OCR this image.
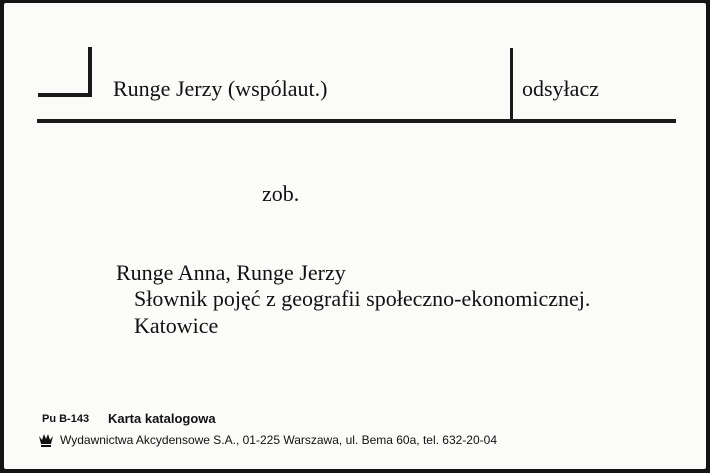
Runge Jerzy (wspólaut.)	odsyłacz
zob.
Runge Anna, Runge Jerzy
Słownik pojęć z geografii społeczno-ekonomicznej.
Katowice
Pu B-143 Karta katalogowa
Wydawnictwa Akcydensowe S.A., 01-225 Warszawa, ul. Bema 60a, tel. 632-20-04
